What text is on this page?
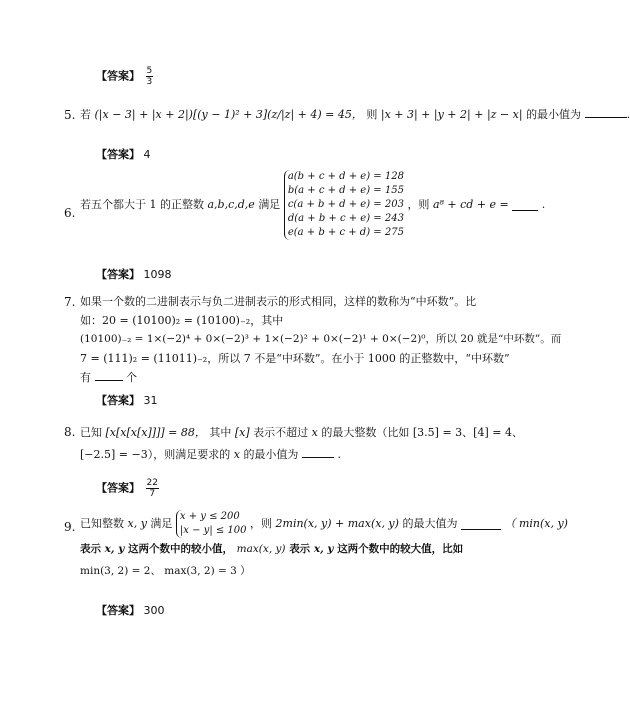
【答案】 $\frac{5}{3}$
5. 若 (|x − 3| + |x + 2|)[(y − 1)² + 3](z/|z| + 4) = 45， 则 |x + 3| + |y + 2| + |z − x| 的最小值为	.
【答案】 4
6.
若五个都大于 1 的正整数 a,b,c,d,e 满足
a(b + c + d + e) = 128
b(a + c + d + e) = 155
c(a + b + d + e) = 203
d(a + b + c + e) = 243
e(a + b + c + d) = 275
，则 a⁸ + cd + e =	.
【答案】 1098
7. 如果一个数的二进制表示与负二进制表示的形式相同，这样的数称为“中环数”。比
如：20 = (10100)₂ = (10100)₋₂，其中
(10100)₋₂ = 1×(−2)⁴ + 0×(−2)³ + 1×(−2)² + 0×(−2)¹ + 0×(−2)⁰，所以 20 就是“中环数”。而
7 = (111)₂ = (11011)₋₂，所以 7 不是“中环数”。在小于 1000 的正整数中，“中环数”
有	个
【答案】 31
8. 已知 [x[x[x[x]]]] = 88， 其中 [x] 表示不超过 x 的最大整数（比如 [3.5] = 3、[4] = 4、
[−2.5] = −3），则满足要求的 x 的最小值为	.
【答案】 $\frac{22}{7}$
9. 已知整数 x, y 满足
x + y ≤ 200
|x − y| ≤ 100
，则 2min(x, y) + max(x, y) 的最大值为	（ min(x, y)
表示 x, y 这两个数中的较小值， max(x, y) 表示 x, y 这两个数中的较大值，比如
min(3, 2) = 2、 max(3, 2) = 3 ）
【答案】 300
